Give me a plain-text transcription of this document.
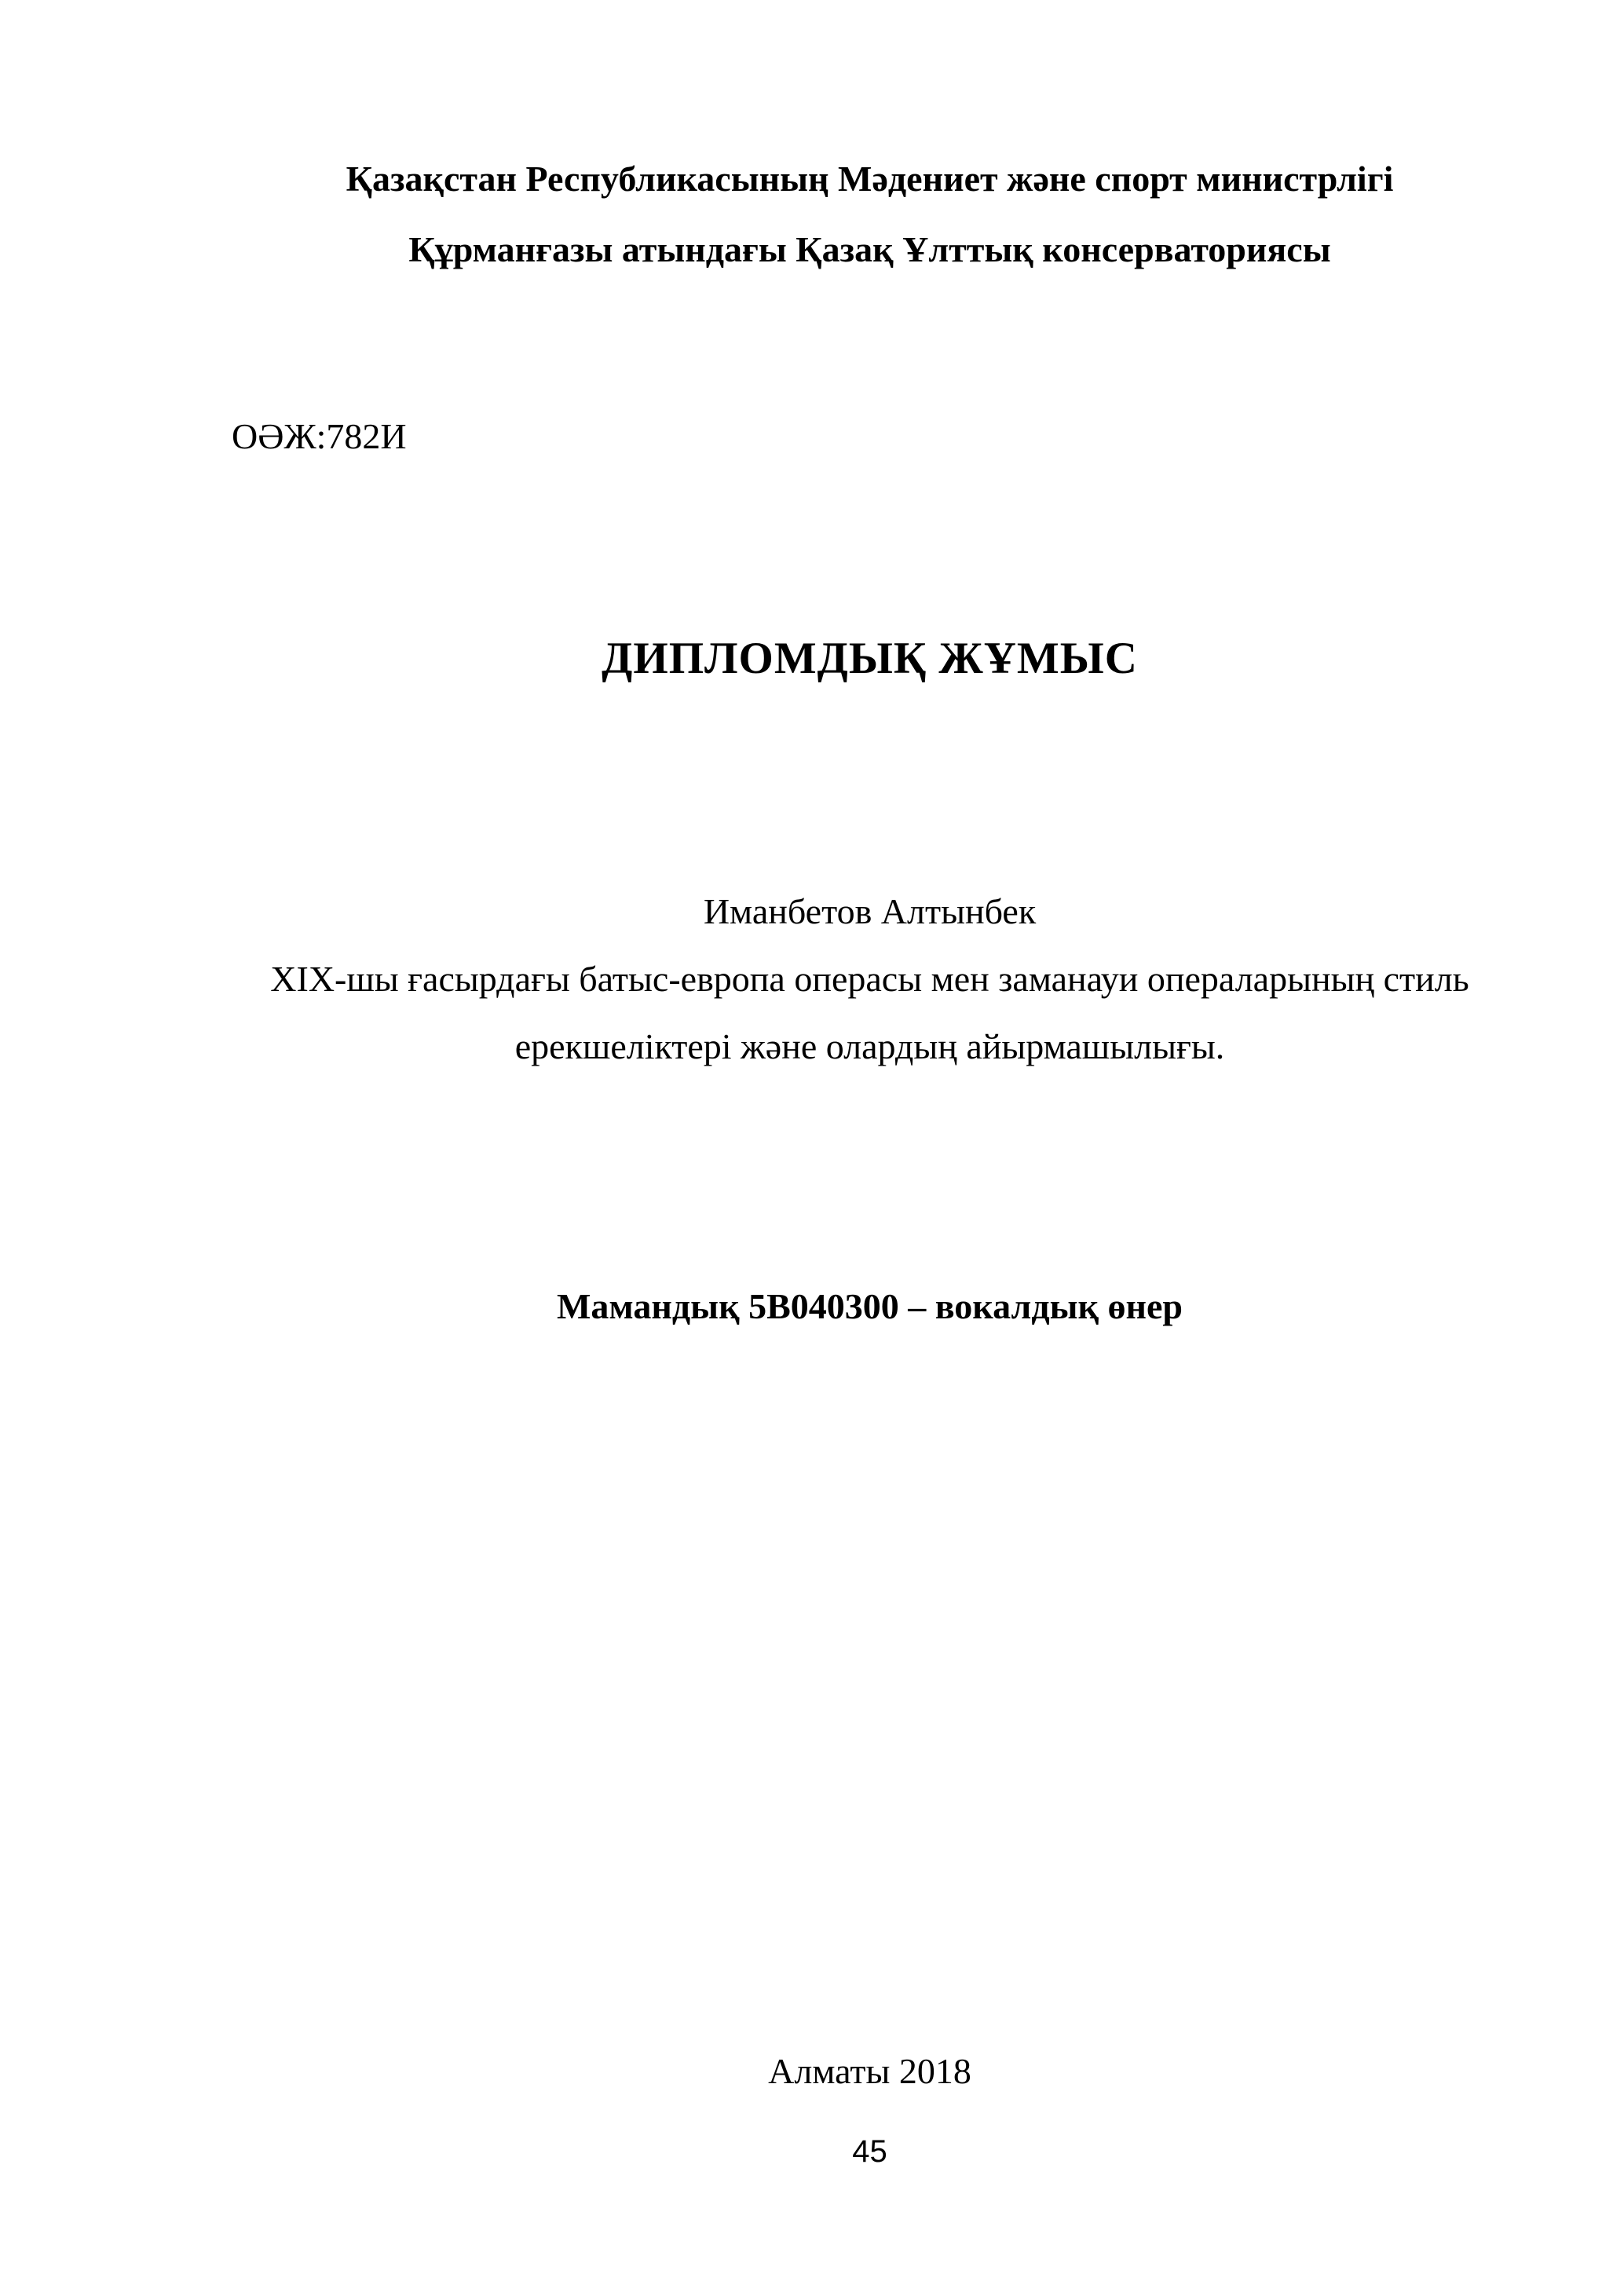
Қазақстан Республикасының Мәдениет және спорт министрлігі
Құрманғазы атындағы Қазақ Ұлттық консерваториясы
ОӘЖ:782И
ДИПЛОМДЫҚ ЖҰМЫС
Иманбетов Алтынбек
XIX-шы ғасырдағы батыс-европа операсы мен заманауи операларының стиль
ерекшеліктері және олардың айырмашылығы.
Мамандық 5В040300 – вокалдық өнер
Алматы 2018
45
